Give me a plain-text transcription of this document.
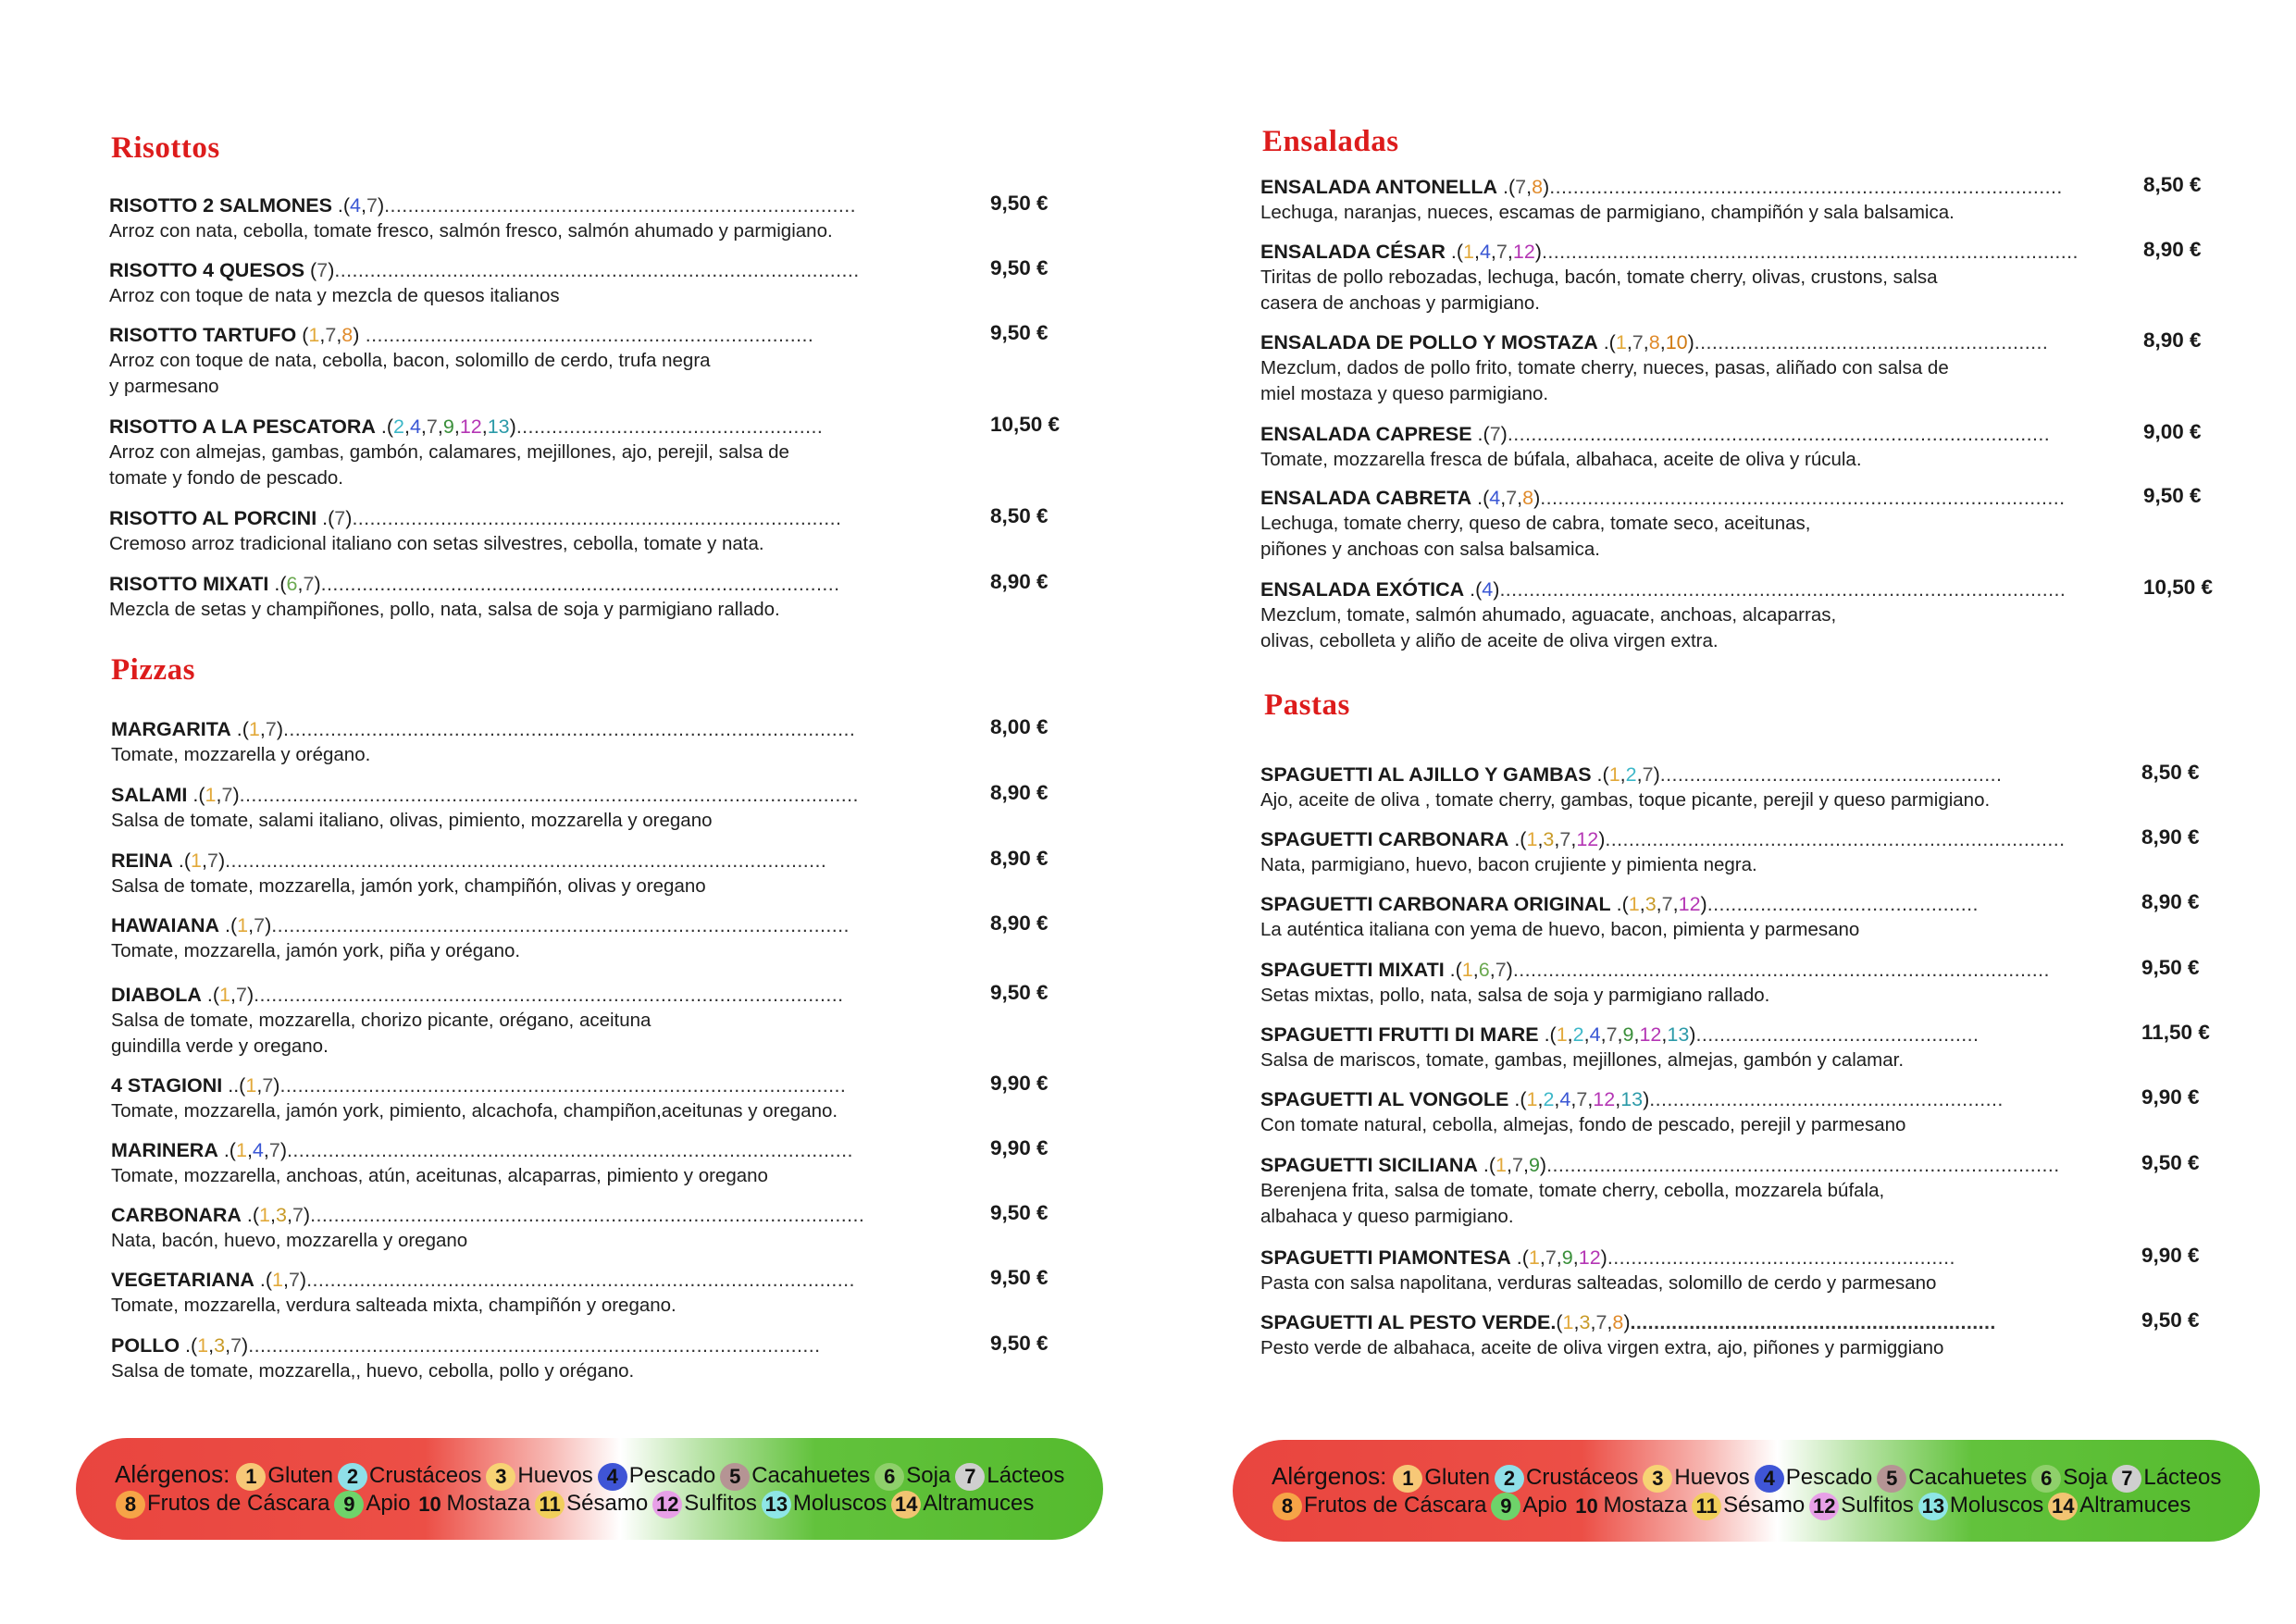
Risottos
RISOTTO 2 SALMONES .(4,7)................................................................................	9,50 €

Arroz con nata, cebolla, tomate fresco, salmón fresco, salmón ahumado y parmigiano.

RISOTTO 4 QUESOS (7).........................................................................................	9,50 €

Arroz con toque de nata y mezcla de quesos italianos

RISOTTO TARTUFO (1,7,8) ............................................................................	9,50 €

Arroz con toque de nata, cebolla, bacon, solomillo de cerdo, trufa negra

y parmesano

RISOTTO A LA PESCATORA .(2,4,7,9,12,13)....................................................	10,50 €

Arroz con almejas, gambas, gambón, calamares, mejillones, ajo, perejil, salsa de

tomate y fondo de pescado.

RISOTTO AL PORCINI .(7)...................................................................................	8,50 €

Cremoso arroz tradicional italiano con setas silvestres, cebolla, tomate y nata.

RISOTTO MIXATI .(6,7)........................................................................................	8,90 €

Mezcla de setas y champiñones, pollo, nata, salsa de soja y parmigiano rallado.

Pizzas
MARGARITA .(1,7).................................................................................................	8,00 €

Tomate, mozzarella y orégano.

SALAMI .(1,7).........................................................................................................	8,90 €

Salsa de tomate, salami italiano, olivas, pimiento, mozzarella y oregano

REINA .(1,7)......................................................................................................	8,90 €

Salsa de tomate, mozzarella, jamón york, champiñón, olivas y oregano

HAWAIANA .(1,7)..................................................................................................	8,90 €

Tomate, mozzarella, jamón york, piña y orégano.

DIABOLA .(1,7)....................................................................................................	9,50 €

Salsa de tomate, mozzarella, chorizo picante, orégano, aceituna

guindilla verde y oregano.

4 STAGIONI ..(1,7)................................................................................................	9,90 €

Tomate, mozzarella, jamón york, pimiento, alcachofa, champiñon,aceitunas y oregano.

MARINERA .(1,4,7)................................................................................................	9,90 €

Tomate, mozzarella, anchoas, atún, aceitunas, alcaparras, pimiento y oregano

CARBONARA .(1,3,7)..............................................................................................	9,50 €

Nata, bacón, huevo, mozzarella y oregano

VEGETARIANA .(1,7).............................................................................................	9,50 €

Tomate, mozzarella, verdura salteada mixta, champiñón y oregano.

POLLO .(1,3,7).................................................................................................	9,50 €

Salsa de tomate, mozzarella,, huevo, cebolla, pollo y orégano.

Alérgenos: 1 Gluten 2 Crustáceos 3 Huevos 4 Pescado 5 Cacahuetes 6 Soja 7 Lácteos
8 Frutos de Cáscara 9 Apio 10 Mostaza 11 Sésamo 12 Sulfitos 13 Moluscos 14 Altramuces
Ensaladas
ENSALADA ANTONELLA .(7,8).......................................................................................	8,50 €

Lechuga, naranjas, nueces, escamas de parmigiano, champiñón y sala balsamica.

ENSALADA CÉSAR .(1,4,7,12)...........................................................................................	8,90 €

Tiritas de pollo rebozadas, lechuga, bacón, tomate cherry, olivas, crustons, salsa

casera de anchoas y parmigiano.

ENSALADA DE POLLO Y MOSTAZA .(1,7,8,10)............................................................	8,90 €

Mezclum, dados de pollo frito, tomate cherry, nueces, pasas, aliñado con salsa de

miel mostaza y queso parmigiano.

ENSALADA CAPRESE .(7)............................................................................................	9,00 €

Tomate, mozzarella fresca de búfala, albahaca, aceite de oliva y rúcula.

ENSALADA CABRETA .(4,7,8).........................................................................................	9,50 €

Lechuga, tomate cherry, queso de cabra, tomate seco, aceitunas,

piñones y anchoas con salsa balsamica.

ENSALADA EXÓTICA .(4)................................................................................................	10,50 €

Mezclum, tomate, salmón ahumado, aguacate, anchoas, alcaparras,

olivas, cebolleta y aliño de aceite de oliva virgen extra.

Pastas
SPAGUETTI AL AJILLO Y GAMBAS .(1,2,7)..........................................................	8,50 €

Ajo, aceite de oliva , tomate cherry, gambas, toque picante, perejil y queso parmigiano.

SPAGUETTI CARBONARA .(1,3,7,12)..............................................................................	8,90 €

Nata, parmigiano, huevo, bacon crujiente y pimienta negra.

SPAGUETTI CARBONARA ORIGINAL .(1,3,7,12)..............................................	8,90 €

La auténtica italiana con yema de huevo, bacon, pimienta y parmesano

SPAGUETTI MIXATI .(1,6,7)...........................................................................................	9,50 €

Setas mixtas, pollo, nata, salsa de soja y parmigiano rallado.

SPAGUETTI FRUTTI DI MARE .(1,2,4,7,9,12,13)................................................	11,50 €

Salsa de mariscos, tomate, gambas, mejillones, almejas, gambón y calamar.

SPAGUETTI AL VONGOLE .(1,2,4,7,12,13)............................................................	9,90 €

Con tomate natural, cebolla, almejas, fondo de pescado, perejil y parmesano

SPAGUETTI SICILIANA .(1,7,9).......................................................................................	9,50 €

Berenjena frita, salsa de tomate, tomate cherry, cebolla, mozzarela búfala,

albahaca y queso parmigiano.

SPAGUETTI PIAMONTESA .(1,7,9,12)...........................................................	9,90 €

Pasta con salsa napolitana, verduras salteadas, solomillo de cerdo y parmesano

SPAGUETTI AL PESTO VERDE.(1,3,7,8)..............................................................	9,50 €

Pesto verde de albahaca, aceite de oliva virgen extra, ajo, piñones y parmiggiano

Alérgenos: 1 Gluten 2 Crustáceos 3 Huevos 4 Pescado 5 Cacahuetes 6 Soja 7 Lácteos
8 Frutos de Cáscara 9 Apio 10 Mostaza 11 Sésamo 12 Sulfitos 13 Moluscos 14 Altramuces
